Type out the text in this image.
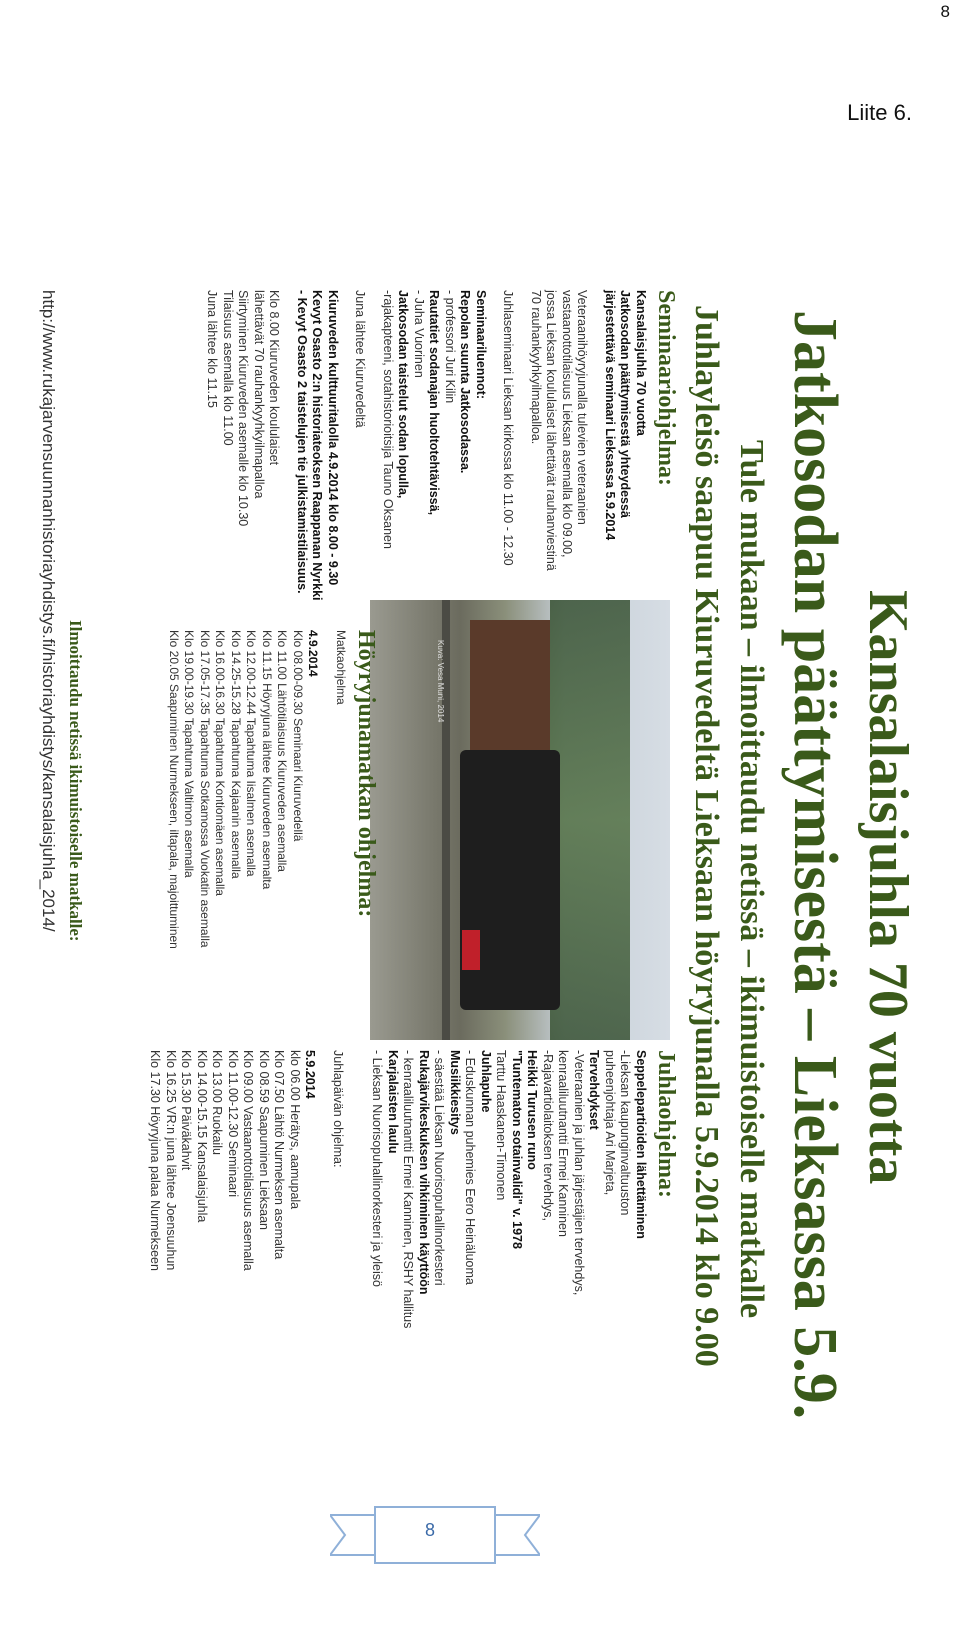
8
Liite 6.
Kansalaisjuhla 70 vuotta
Jatkosodan päättymisestä – Lieksassa 5.9.
Tule mukaan – ilmoittaudu netissä – ikimuistoiselle matkalle
Juhlayleisö saapuu Kiuruvedeltä Lieksaan höyryjunalla 5.9.2014 klo 9.00
Seminaariohjelma:

Kansalaisjuhla 70 vuotta

Jatkosodan päättymisestä yhteydessä

järjestettävä seminaari Lieksassa 5.9.2014

Veteraanihöyryjunalla tulevien veteraanien

vastaanottotilaisuus Lieksan asemalla klo 09.00,

jossa Lieksan koululaiset lähettävät rauhanviestinä

70 rauhankyyhkyilmapalloa.

Juhlaseminaari Lieksan kirkossa klo 11.00 - 12.30

Seminaariluennot:

Repolan suunta Jatkosodassa.

- professori Juri Kilin

Rautatiet sodanajan huoltotehtävissä,

- Juha Vuorinen

Jatkosodan taistelut sodan lopulla,

-rajakapteeni, sotahistorioitsija Tauno Oksanen

Juna lähtee Kiuruvedeltä

Kiuruveden kulttuuritalolla 4.9.2014 klo 8.00 - 9.30

Kevyt Osasto 2:n historiateoksen Raappanan Nyrkki

- Kevyt Osasto 2 taistelujen tie julkistamistilaisuus.

Klo 8.00 Kiuruveden koululaiset

lähettävät 70 rauhankyyhkyilmapalloa

Siirtyminen Kiuruveden asemalle klo 10.30

Tilaisuus asemalla klo 11.00

Juna lähtee klo 11.15

Kuva: Vesa Muni, 2014
Höyryjunamatkan ohjelma:

Matkaohjelma

4.9.2014

Klo 08.00-09.30 Seminaari Kiuruvedellä

Klo 11.00 Lähtötilaisuus Kiuruveden asemalla

Klo 11.15 Höyryjuna lähtee Kiuruveden asemalta

Klo 12.00-12.44 Tapahtuma Iisalmen asemalla

Klo 14.25-15.28 Tapahtuma Kajaanin asemalla

Klo 16.00-16.30 Tapahtuma Kontiomäen asemalla

Klo 17.05-17.35 Tapahtuma Sotkamossa Vuokatin asemalla

Klo 19.00-19.30 Tapahtuma Valtimon asemalla

Klo 20.05 Saapuminen Nurmekseen, iltapala, majoittuminen

Juhlaohjelma:

Seppelepartioiden lähettäminen

-Lieksan kaupunginvaltuuston

puheenjohtaja Ari Marjeta,

Tervehdykset

-Veteraanien ja juhlan järjestäjien tervehdys,

kenraaliluutnantti Ermei Kanninen

-Rajavartiolaitoksen tervehdys,

Heikki Turusen runo

"Tuntematon sotainvalidi" v. 1978

Tarttu Haaskanen-Timonen

Juhlapuhe

- Eduskunnan puhemies Eero Heinäluoma

Musiikkiesitys

- säestää Lieksan Nuorisopuhallinorkesteri

Rukajärvikeskuksen vihkiminen käyttöön

- kenraaliluutnantti Ermei Kanninen, RSHY hallitus

Karjalaisten laulu

- Lieksan Nuorisopuhallinorkesteri ja yleisö

Juhlapäivän ohjelma:

5.9.2014

klo 06.00 Herätys, aamupala

Klo 07.50 Lähtö Nurmeksen asemalta

Klo 08.59 Saapuminen Lieksaan

Klo 09.00 Vastaanottotilaisuus asemalla

Klo 11.00-12.30 Seminaari

Klo 13.00 Ruokailu

Klo 14.00-15.15 Kansalaisjuhla

Klo 15.30 Päiväkahvit

Klo 16.25 VR:n juna lähtee Joensuuhun

Klo 17.30 Höyryjuna palaa Nurmekseen

Ilmoittaudu netissä ikimuistoiselle matkalle:
http://www.rukajarvensuunnanhistoriayhdistys.fi/historiayhdistys/kansalaisjuhla_2014/
8
